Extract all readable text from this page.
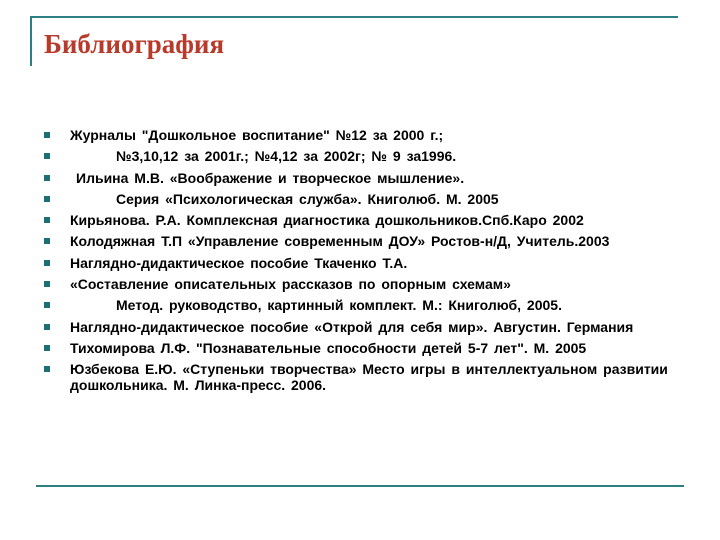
Библиография
Журналы "Дошкольное воспитание" №12 за 2000 г.;
№3,10,12 за 2001г.; №4,12 за 2002г; № 9 за1996.
Ильина М.В. «Воображение и творческое мышление».
Серия «Психологическая служба». Книголюб. М. 2005
Кирьянова. Р.А. Комплексная диагностика дошкольников.Спб.Каро 2002
Колодяжная Т.П «Управление современным ДОУ» Ростов-н/Д, Учитель.2003
Наглядно-дидактическое пособие Ткаченко Т.А.
«Составление описательных рассказов по опорным схемам»
Метод. руководство, картинный комплект. М.: Книголюб, 2005.
Наглядно-дидактическое пособие «Открой для себя мир». Августин. Германия
Тихомирова Л.Ф. "Познавательные способности детей 5-7 лет". М. 2005
Юзбекова Е.Ю. «Ступеньки творчества» Место игры в интеллектуальном развитии дошкольника. М. Линка-пресс. 2006.
